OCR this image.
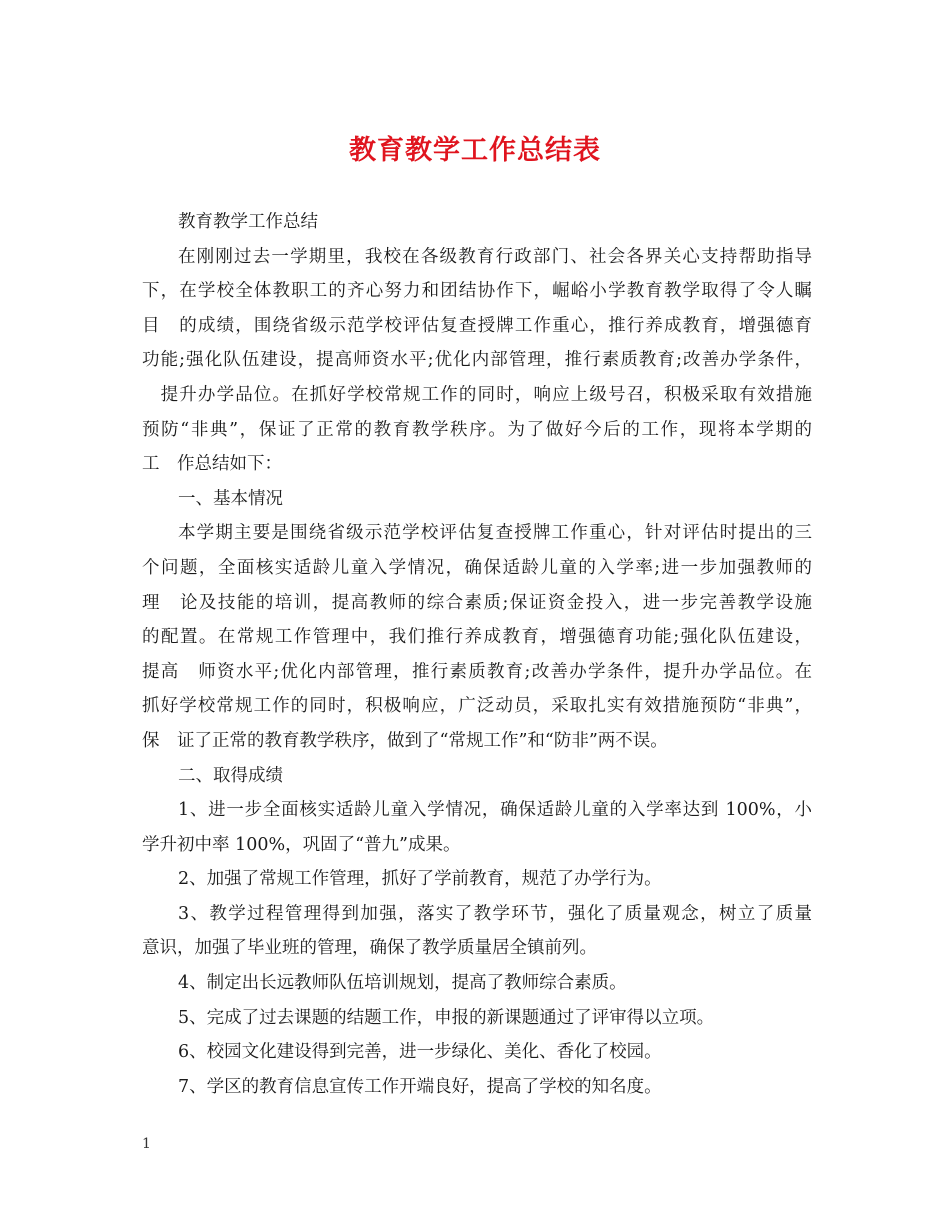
教育教学工作总结表
教育教学工作总结
在刚刚过去一学期里，我校在各级教育行政部门、社会各界关心支持帮助指导
下，在学校全体教职工的齐心努力和团结协作下，崛峪小学教育教学取得了令人瞩
目　的成绩，围绕省级示范学校评估复查授牌工作重心，推行养成教育，增强德育
功能;强化队伍建设，提高师资水平;优化内部管理，推行素质教育;改善办学条件，
　提升办学品位。在抓好学校常规工作的同时，响应上级号召，积极采取有效措施
预防“非典”，保证了正常的教育教学秩序。为了做好今后的工作，现将本学期的
工　作总结如下：
一、基本情况
本学期主要是围绕省级示范学校评估复查授牌工作重心，针对评估时提出的三
个问题，全面核实适龄儿童入学情况，确保适龄儿童的入学率;进一步加强教师的
理　论及技能的培训，提高教师的综合素质;保证资金投入，进一步完善教学设施
的配置。在常规工作管理中，我们推行养成教育，增强德育功能;强化队伍建设，
提高　师资水平;优化内部管理，推行素质教育;改善办学条件，提升办学品位。在
抓好学校常规工作的同时，积极响应，广泛动员，采取扎实有效措施预防“非典”，
保　证了正常的教育教学秩序，做到了“常规工作”和“防非”两不误。
二、取得成绩
1、进一步全面核实适龄儿童入学情况，确保适龄儿童的入学率达到 100%，小
学升初中率 100%，巩固了“普九”成果。
2、加强了常规工作管理，抓好了学前教育，规范了办学行为。
3、教学过程管理得到加强，落实了教学环节，强化了质量观念，树立了质量
意识，加强了毕业班的管理，确保了教学质量居全镇前列。
4、制定出长远教师队伍培训规划，提高了教师综合素质。
5、完成了过去课题的结题工作，申报的新课题通过了评审得以立项。
6、校园文化建设得到完善，进一步绿化、美化、香化了校园。
7、学区的教育信息宣传工作开端良好，提高了学校的知名度。
1
